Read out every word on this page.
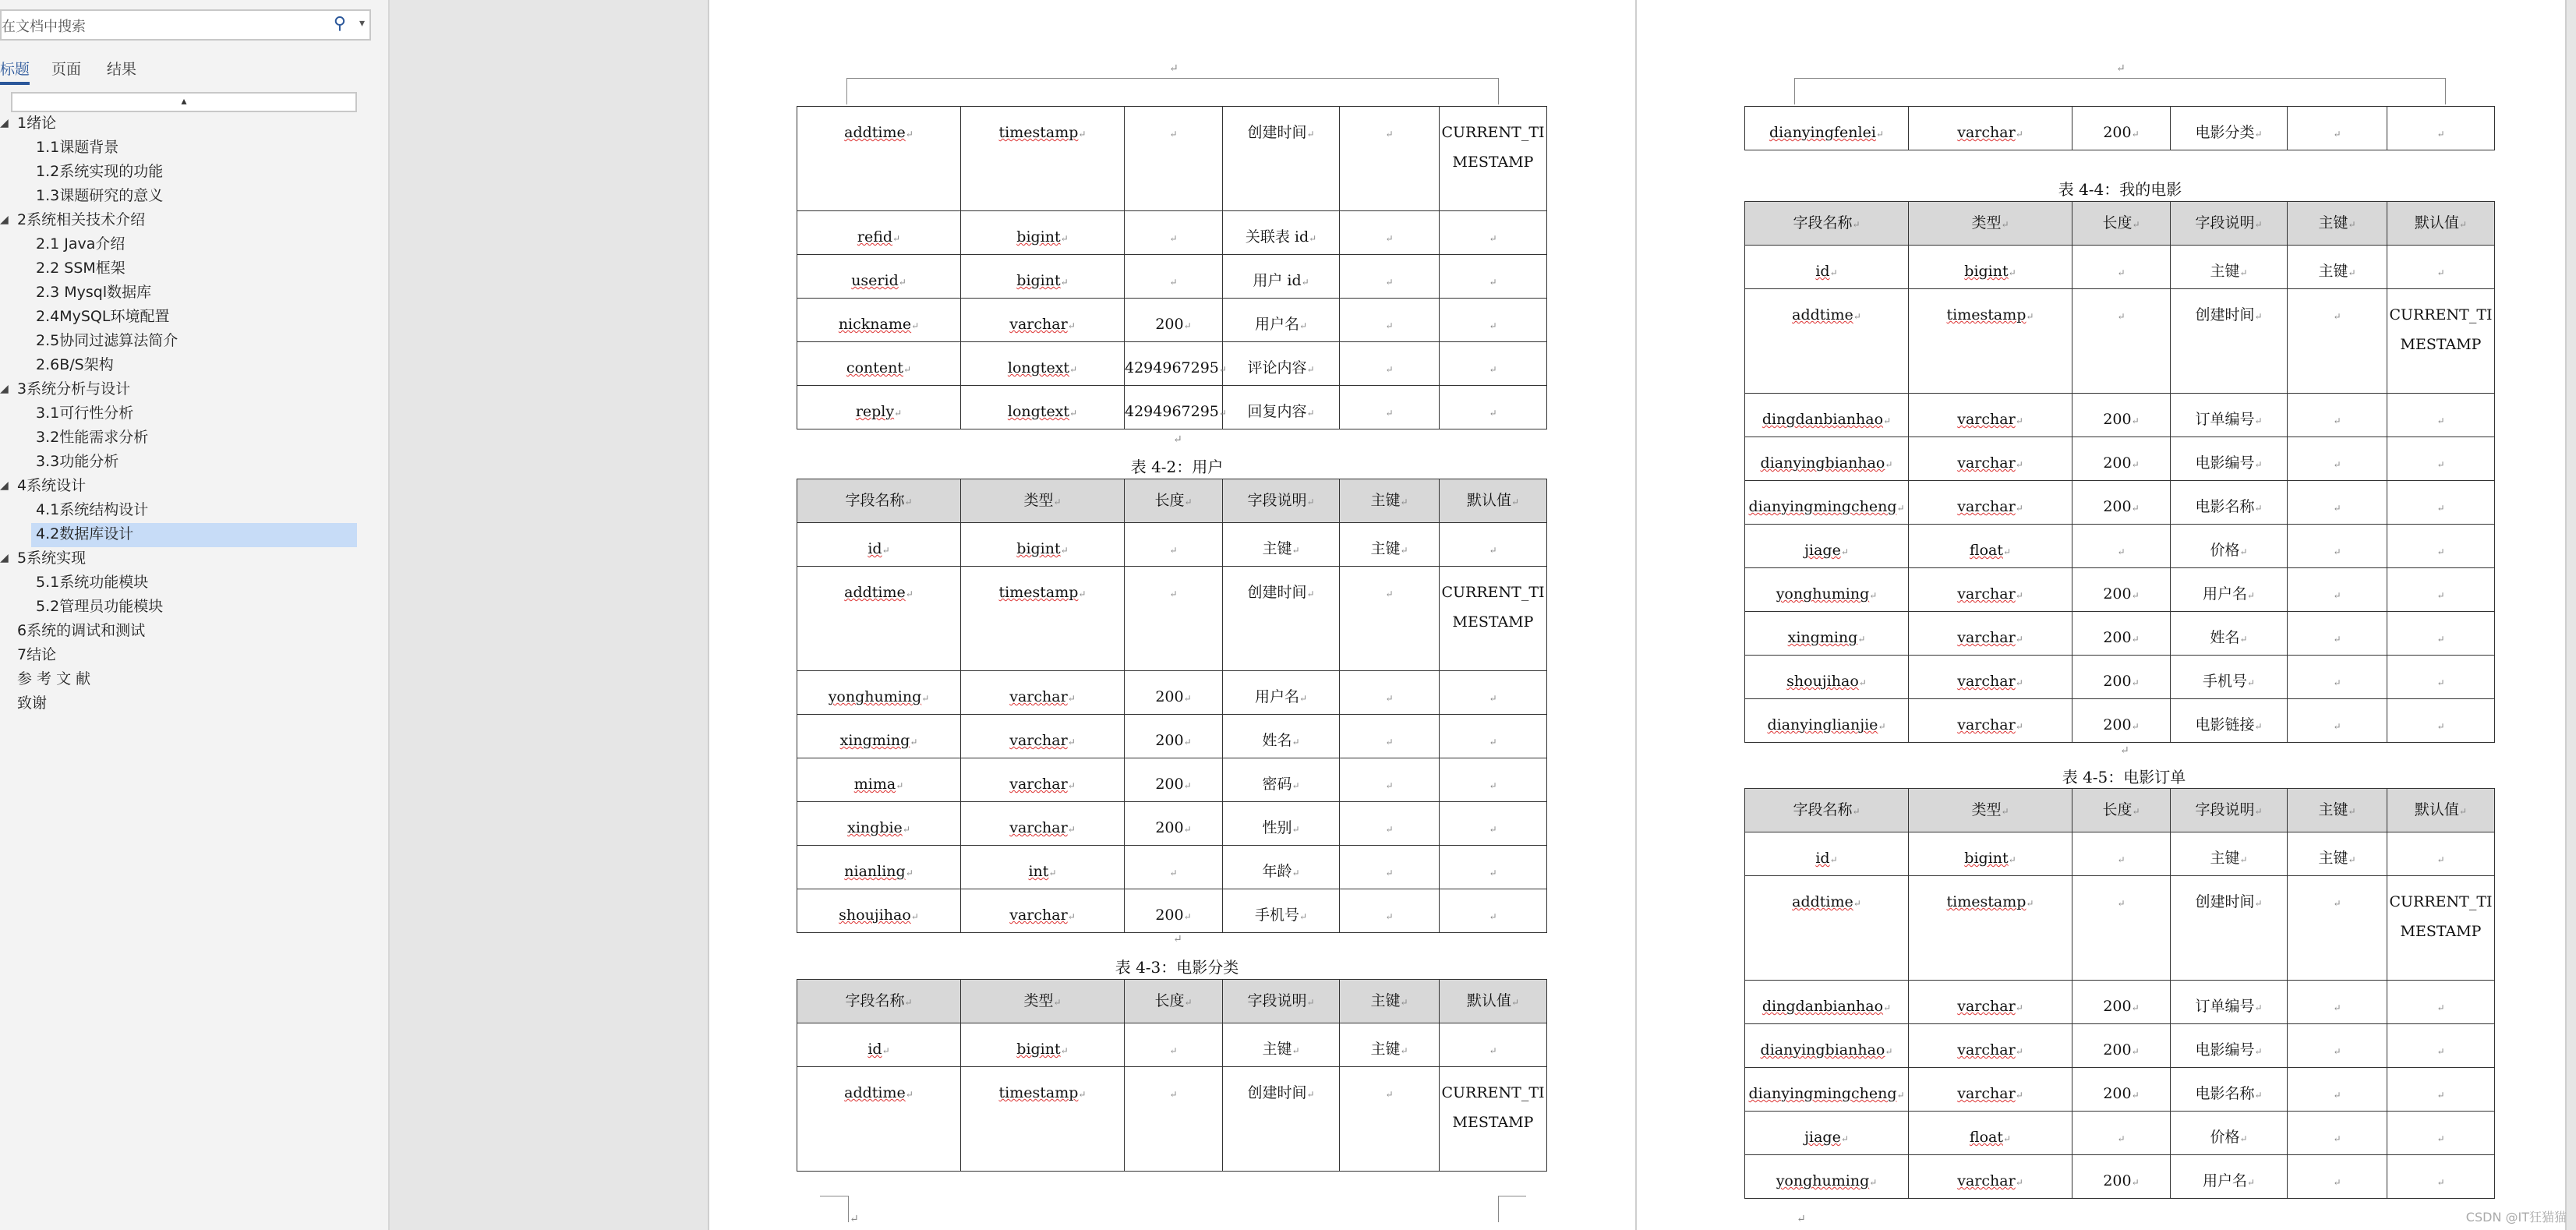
在文档中搜索	⚲ ▾
标题 页面 结果
▴
◢ 1绪论
1.1课题背景
1.2系统实现的功能
1.3课题研究的意义
◢ 2系统相关技术介绍
2.1 Java介绍
2.2 SSM框架
2.3 Mysql数据库
2.4MySQL环境配置
2.5协同过滤算法简介
2.6B/S架构
◢ 3系统分析与设计
3.1可行性分析
3.2性能需求分析
3.3功能分析
◢ 4系统设计
4.1系统结构设计
4.2数据库设计
◢ 5系统实现
5.1系统功能模块
5.2管理员功能模块
6系统的调试和测试
7结论
参 考 文 献
致谢
↵
addtime↵	timestamp↵	↵	创建时间↵	↵	CURRENT_TIMESTAMP

refid↵	bigint↵	↵	关联表 id↵	↵	↵
userid↵	bigint↵	↵	用户 id↵	↵	↵
nickname↵	varchar↵	200↵	用户名↵	↵	↵
content↵	longtext↵	4294967295↵	评论内容↵	↵	↵
reply↵	longtext↵	4294967295↵	回复内容↵	↵	↵
↵
表 4-2：用户
字段名称↵	类型↵	长度↵	字段说明↵	主键↵	默认值↵
id↵	bigint↵	↵	主键↵	主键↵	↵
addtime↵	timestamp↵	↵	创建时间↵	↵	CURRENT_TIMESTAMP

yonghuming↵	varchar↵	200↵	用户名↵	↵	↵
xingming↵	varchar↵	200↵	姓名↵	↵	↵
mima↵	varchar↵	200↵	密码↵	↵	↵
xingbie↵	varchar↵	200↵	性别↵	↵	↵
nianling↵	int↵	↵	年龄↵	↵	↵
shoujihao↵	varchar↵	200↵	手机号↵	↵	↵
↵
表 4-3：电影分类
字段名称↵	类型↵	长度↵	字段说明↵	主键↵	默认值↵
id↵	bigint↵	↵	主键↵	主键↵	↵
addtime↵	timestamp↵	↵	创建时间↵	↵	CURRENT_TIMESTAMP
↵
↵
dianyingfenlei↵	varchar↵	200↵	电影分类↵	↵	↵
表 4-4：我的电影
字段名称↵	类型↵	长度↵	字段说明↵	主键↵	默认值↵
id↵	bigint↵	↵	主键↵	主键↵	↵
addtime↵	timestamp↵	↵	创建时间↵	↵	CURRENT_TIMESTAMP

dingdanbianhao↵	varchar↵	200↵	订单编号↵	↵	↵
dianyingbianhao↵	varchar↵	200↵	电影编号↵	↵	↵
dianyingmingcheng↵	varchar↵	200↵	电影名称↵	↵	↵
jiage↵	float↵	↵	价格↵	↵	↵
yonghuming↵	varchar↵	200↵	用户名↵	↵	↵
xingming↵	varchar↵	200↵	姓名↵	↵	↵
shoujihao↵	varchar↵	200↵	手机号↵	↵	↵
dianyinglianjie↵	varchar↵	200↵	电影链接↵	↵	↵
↵
表 4-5：电影订单
字段名称↵	类型↵	长度↵	字段说明↵	主键↵	默认值↵
id↵	bigint↵	↵	主键↵	主键↵	↵
addtime↵	timestamp↵	↵	创建时间↵	↵	CURRENT_TIMESTAMP

dingdanbianhao↵	varchar↵	200↵	订单编号↵	↵	↵
dianyingbianhao↵	varchar↵	200↵	电影编号↵	↵	↵
dianyingmingcheng↵	varchar↵	200↵	电影名称↵	↵	↵
jiage↵	float↵	↵	价格↵	↵	↵
yonghuming↵	varchar↵	200↵	用户名↵	↵	↵
↵	CSDN @IT狂猫猫
